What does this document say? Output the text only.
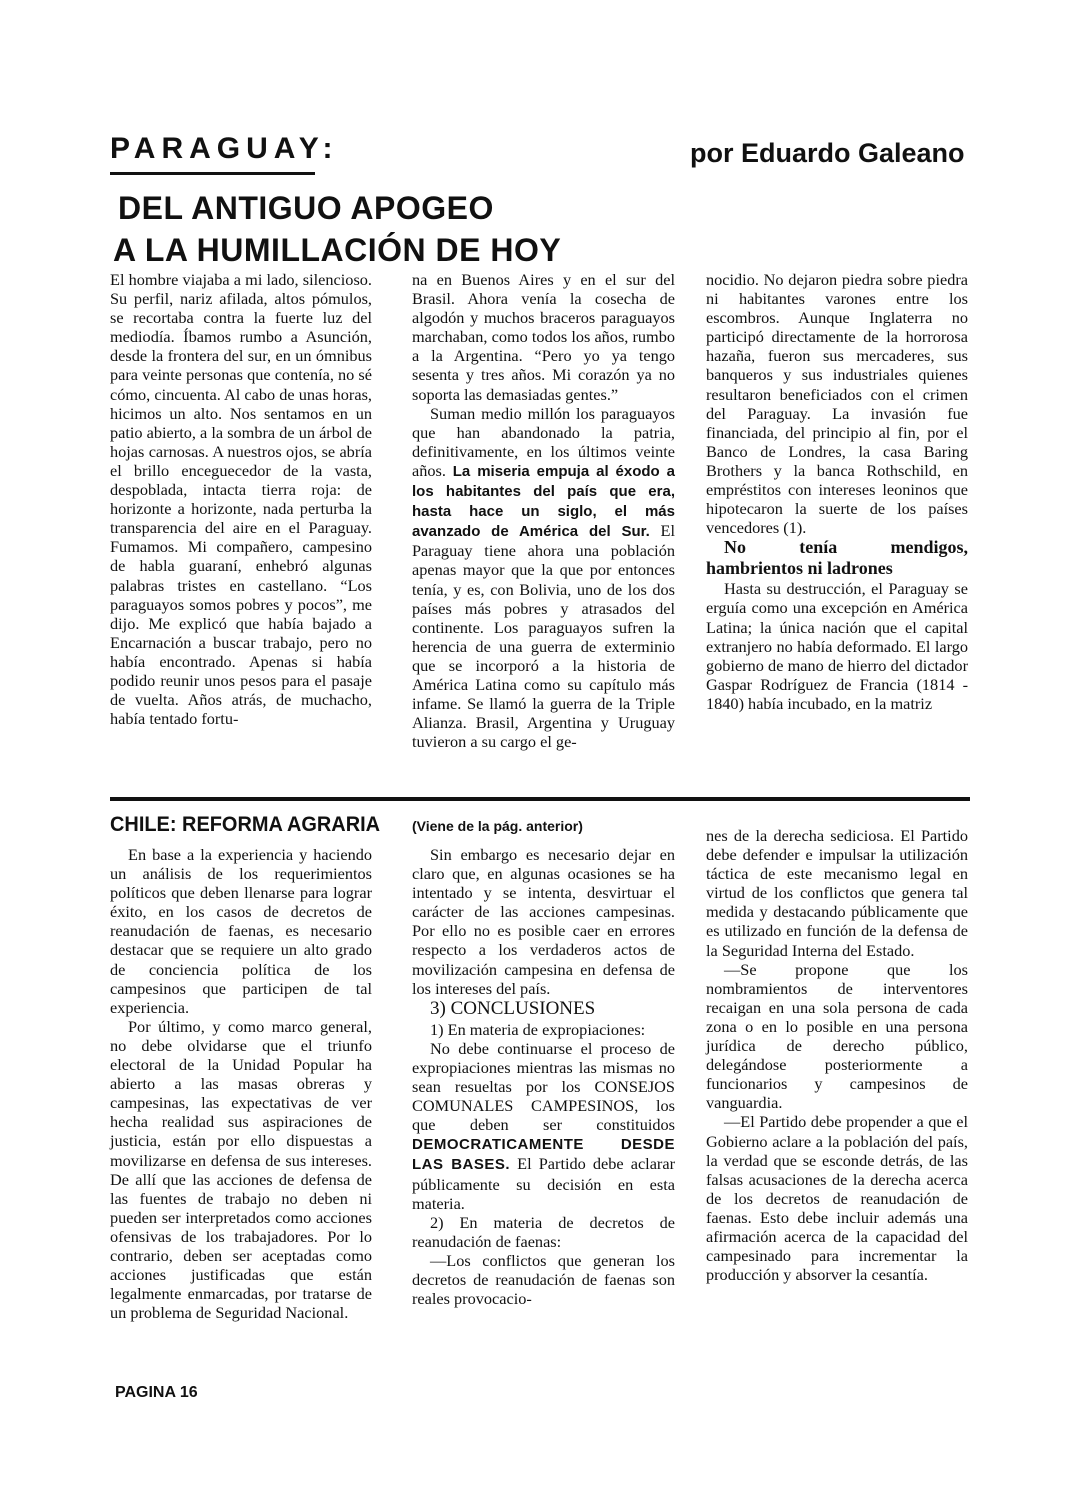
PARAGUAY:	por Eduardo Galeano
DEL ANTIGUO APOGEO
A LA HUMILLACIÓN DE HOY

El hombre viajaba a mi lado, silencioso. Su perfil, nariz afilada, altos pómulos, se recortaba contra la fuerte luz del mediodía. Íbamos rumbo a Asunción, desde la frontera del sur, en un ómnibus para veinte personas que contenía, no sé cómo, cincuenta. Al cabo de unas horas, hicimos un alto. Nos sentamos en un patio abierto, a la sombra de un árbol de hojas carnosas. A nuestros ojos, se abría el brillo enceguecedor de la vasta, despoblada, intacta tierra roja: de horizonte a horizonte, nada perturba la transparencia del aire en el Paraguay. Fumamos. Mi compañero, campesino de habla guaraní, enhebró algunas palabras tristes en castellano. “Los paraguayos somos pobres y pocos”, me dijo. Me explicó que había bajado a Encarnación a buscar trabajo, pero no había encontrado. Apenas si había podido reunir unos pesos para el pasaje de vuelta. Años atrás, de muchacho, había tentado fortu-

na en Buenos Aires y en el sur del Brasil. Ahora venía la cosecha de algodón y muchos braceros paraguayos marchaban, como todos los años, rumbo a la Argentina. “Pero yo ya tengo sesenta y tres años. Mi corazón ya no soporta las demasiadas gentes.”

Suman medio millón los paraguayos que han abandonado la patria, definitivamente, en los últimos veinte años. La miseria empuja al éxodo a los habitantes del país que era, hasta hace un siglo, el más avanzado de América del Sur. El Paraguay tiene ahora una población apenas mayor que la que por entonces tenía, y es, con Bolivia, uno de los dos países más pobres y atrasados del continente. Los paraguayos sufren la herencia de una guerra de exterminio que se incorporó a la historia de América Latina como su capítulo más infame. Se llamó la guerra de la Triple Alianza. Brasil, Argentina y Uruguay tuvieron a su cargo el ge-

nocidio. No dejaron piedra sobre piedra ni habitantes varones entre los escombros. Aunque Inglaterra no participó directamente de la horrorosa hazaña, fueron sus mercaderes, sus banqueros y sus industriales quienes resultaron beneficiados con el crimen del Paraguay. La invasión fue financiada, del principio al fin, por el Banco de Londres, la casa Baring Brothers y la banca Rothschild, en empréstitos con intereses leoninos que hipotecaron la suerte de los países vencedores (1).

No tenía mendigos, hambrientos ni ladrones

Hasta su destrucción, el Paraguay se erguía como una excepción en América Latina; la única nación que el capital extranjero no había deformado. El largo gobierno de mano de hierro del dictador Gaspar Rodríguez de Francia (1814 - 1840) había incubado, en la matriz

CHILE: REFORMA AGRARIA (Viene de la pág. anterior)

En base a la experiencia y haciendo un análisis de los requerimientos políticos que deben llenarse para lograr éxito, en los casos de decretos de reanudación de faenas, es necesario destacar que se requiere un alto grado de conciencia política de los campesinos que participen de tal experiencia.

Por último, y como marco general, no debe olvidarse que el triunfo electoral de la Unidad Popular ha abierto a las masas obreras y campesinas, las expectativas de ver hecha realidad sus aspiraciones de justicia, están por ello dispuestas a movilizarse en defensa de sus intereses. De allí que las acciones de defensa de las fuentes de trabajo no deben ni pueden ser interpretados como acciones ofensivas de los trabajadores. Por lo contrario, deben ser aceptadas como acciones justificadas que están legalmente enmarcadas, por tratarse de un problema de Seguridad Nacional.

Sin embargo es necesario dejar en claro que, en algunas ocasiones se ha intentado y se intenta, desvirtuar el carácter de las acciones campesinas. Por ello no es posible caer en errores respecto a los verdaderos actos de movilización campesina en defensa de los intereses del país.

3) CONCLUSIONES

1) En materia de expropiaciones:

No debe continuarse el proceso de expropiaciones mientras las mismas no sean resueltas por los CONSEJOS COMUNALES CAMPESINOS, los que deben ser constituidos DEMOCRATICAMENTE DESDE LAS BASES. El Partido debe aclarar públicamente su decisión en esta materia.

2) En materia de decretos de reanudación de faenas:

—Los conflictos que generan los decretos de reanudación de faenas son reales provocacio-

nes de la derecha sediciosa. El Partido debe defender e impulsar la utilización táctica de este mecanismo legal en virtud de los conflictos que genera tal medida y destacando públicamente que es utilizado en función de la defensa de la Seguridad Interna del Estado.

—Se propone que los nombramientos de interventores recaigan en una sola persona de cada zona o en lo posible en una persona jurídica de derecho público, delegándose posteriormente a funcionarios y campesinos de vanguardia.

—El Partido debe propender a que el Gobierno aclare a la población del país, la verdad que se esconde detrás, de las falsas acusaciones de la derecha acerca de los decretos de reanudación de faenas. Esto debe incluir además una afirmación acerca de la capacidad del campesinado para incrementar la producción y absorver la cesantía.

PAGINA 16
